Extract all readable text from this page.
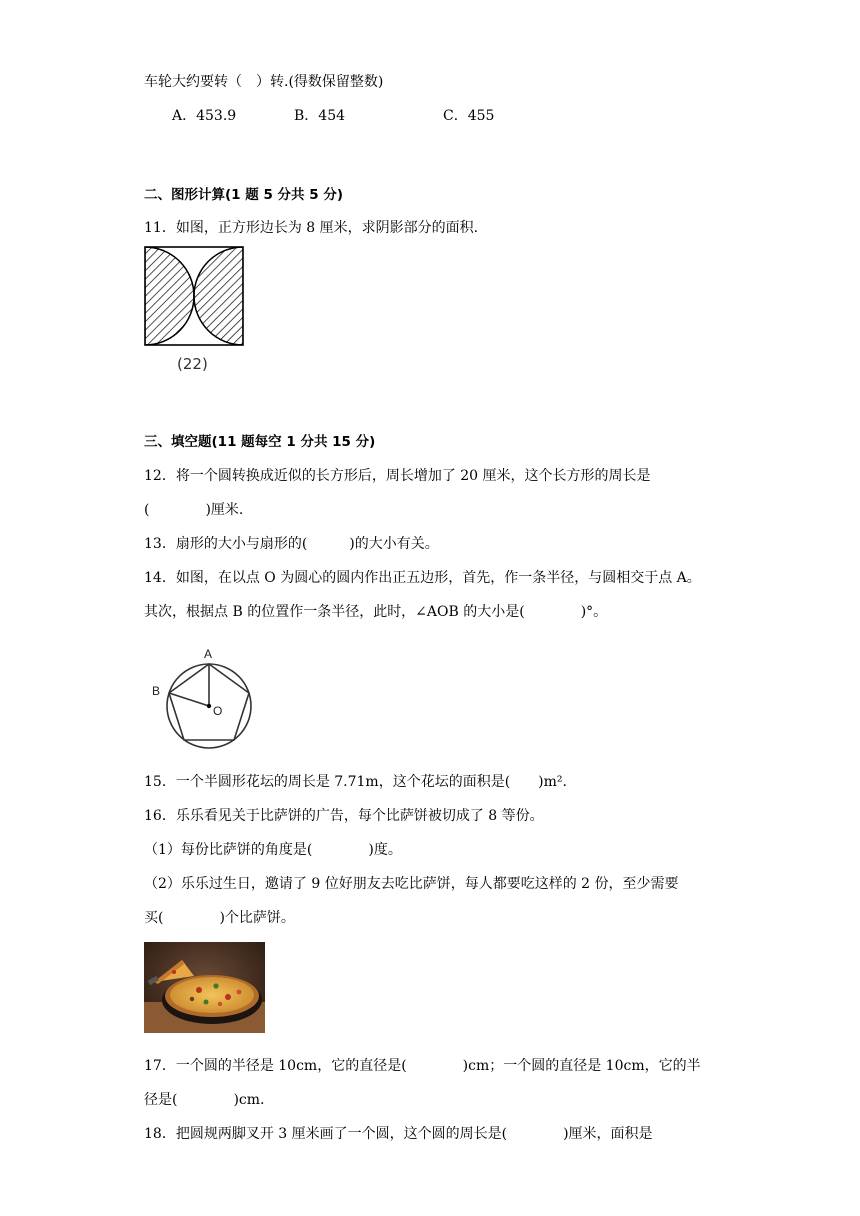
车轮大约要转（　）转.(得数保留整数)
A．453.9	B．454	C．455
二、图形计算(1 题 5 分共 5 分)
11．如图，正方形边长为 8 厘米，求阴影部分的面积.
(22)
三、填空题(11 题每空 1 分共 15 分)
12．将一个圆转换成近似的长方形后，周长增加了 20 厘米，这个长方形的周长是
(　　　　)厘米.
13．扇形的大小与扇形的(　　　)的大小有关。
14．如图，在以点 O 为圆心的圆内作出正五边形，首先，作一条半径，与圆相交于点 A。
其次，根据点 B 的位置作一条半径，此时，∠AOB 的大小是(　　　　)°。
A
B
O
15．一个半圆形花坛的周长是 7.71m，这个花坛的面积是(　　)m².
16．乐乐看见关于比萨饼的广告，每个比萨饼被切成了 8 等份。
（1）每份比萨饼的角度是(　　　　)度。
（2）乐乐过生日，邀请了 9 位好朋友去吃比萨饼，每人都要吃这样的 2 份，至少需要
买(　　　　)个比萨饼。
17．一个圆的半径是 10cm，它的直径是(　　　　)cm；一个圆的直径是 10cm，它的半
径是(　　　　)cm.
18．把圆规两脚叉开 3 厘米画了一个圆，这个圆的周长是(　　　　)厘米，面积是
